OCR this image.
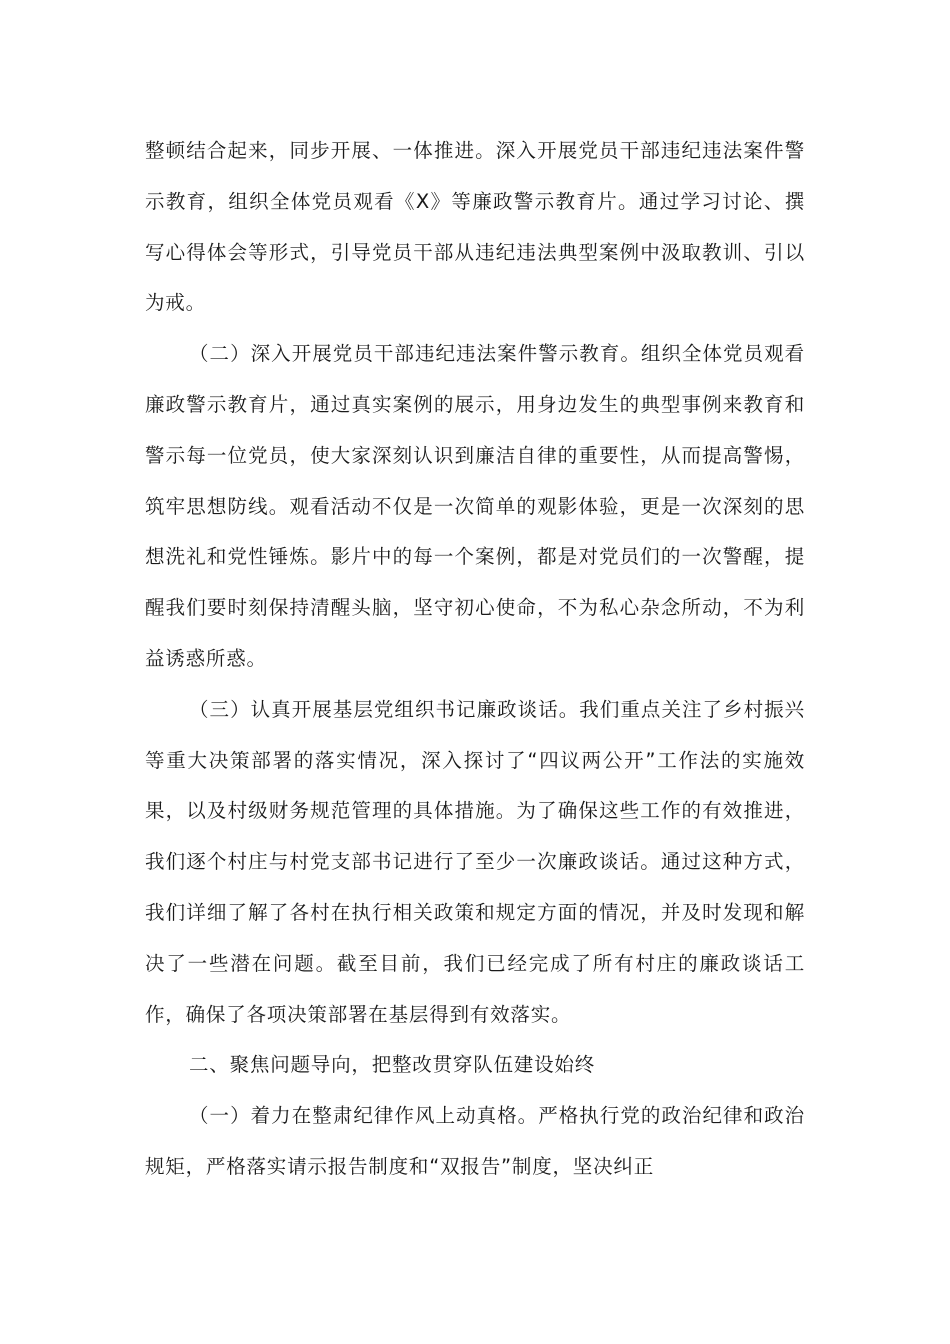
整顿结合起来，同步开展、一体推进。深入开展党员干部违纪违法案件警示教育，组织全体党员观看《X》等廉政警示教育片。通过学习讨论、撰写心得体会等形式，引导党员干部从违纪违法典型案例中汲取教训、引以为戒。

（二）深入开展党员干部违纪违法案件警示教育。组织全体党员观看廉政警示教育片，通过真实案例的展示，用身边发生的典型事例来教育和警示每一位党员，使大家深刻认识到廉洁自律的重要性，从而提高警惕，筑牢思想防线。观看活动不仅是一次简单的观影体验，更是一次深刻的思想洗礼和党性锤炼。影片中的每一个案例，都是对党员们的一次警醒，提醒我们要时刻保持清醒头脑，坚守初心使命，不为私心杂念所动，不为利益诱惑所惑。

（三）认真开展基层党组织书记廉政谈话。我们重点关注了乡村振兴等重大决策部署的落实情况，深入探讨了“四议两公开”工作法的实施效果，以及村级财务规范管理的具体措施。为了确保这些工作的有效推进，我们逐个村庄与村党支部书记进行了至少一次廉政谈话。通过这种方式，我们详细了解了各村在执行相关政策和规定方面的情况，并及时发现和解决了一些潜在问题。截至目前，我们已经完成了所有村庄的廉政谈话工作，确保了各项决策部署在基层得到有效落实。

二、聚焦问题导向，把整改贯穿队伍建设始终

（一）着力在整肃纪律作风上动真格。严格执行党的政治纪律和政治规矩，严格落实请示报告制度和“双报告”制度，坚决纠正
